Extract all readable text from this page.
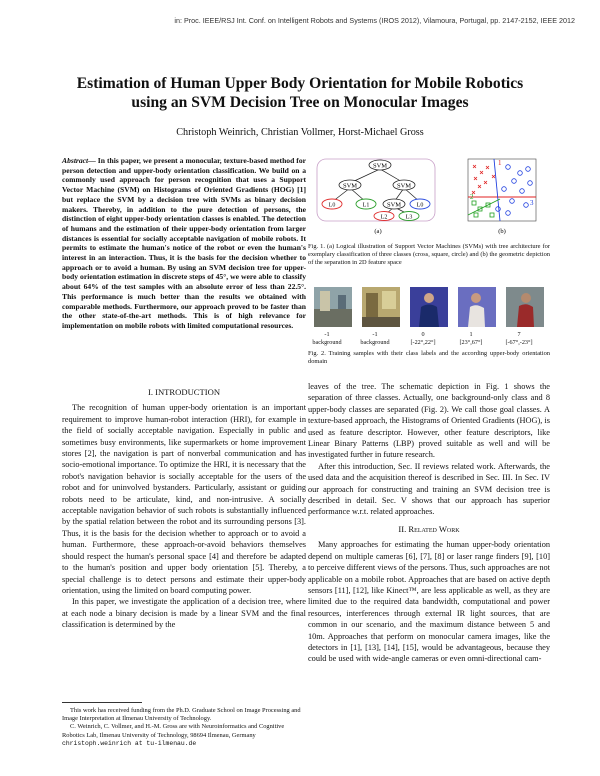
in: Proc. IEEE/RSJ Int. Conf. on Intelligent Robots and Systems (IROS 2012), Vilamoura, Portugal, pp. 2147-2152, IEEE 2012
Estimation of Human Upper Body Orientation for Mobile Robotics
using an SVM Decision Tree on Monocular Images
Christoph Weinrich, Christian Vollmer, Horst-Michael Gross
Abstract— In this paper, we present a monocular, texture-based method for person detection and upper-body orientation classification. We build on a commonly used approach for person recognition that uses a Support Vector Machine (SVM) on Histograms of Oriented Gradients (HOG) [1] but replace the SVM by a decision tree with SVMs as binary decision makers. Thereby, in addition to the pure detection of persons, the distinction of eight upper-body orientation classes is enabled. The detection of humans and the estimation of their upper-body orientation from larger distances is essential for socially acceptable navigation of mobile robots. It permits to estimate the human's notice of the robot or even the human's interest in an interaction. Thus, it is the basis for the decision whether to approach or to avoid a human. By using an SVM decision tree for upper-body orientation estimation in discrete steps of 45°, we were able to classify about 64% of the test samples with an absolute error of less than 22.5°. This performance is much better than the results we obtained with comparable methods. Furthermore, our approach proved to be faster than the other state-of-the-art methods. This is of high relevance for implementation on mobile robots with limited computational resources.
I. INTRODUCTION

The recognition of human upper-body orientation is an important requirement to improve human-robot interaction (HRI), for example in the field of socially acceptable navigation. Especially in public and sometimes busy environments, like supermarkets or home improvement stores [2], the navigation is part of nonverbal communication and has socio-emotional importance. To optimize the HRI, it is necessary that the robot's navigation behavior is socially acceptable for the users of the robot and for uninvolved bystanders. Particularly, assistant or guiding robots need to be articulate, kind, and non-intrusive. A socially acceptable navigation behavior of such robots is substantially influenced by the spatial relation between the robot and its surrounding persons [3]. Thus, it is the basis for the decision whether to approach or to avoid a human. Furthermore, these approach-or-avoid behaviors themselves should respect the human's personal space [4] and therefore be adapted to the human's position and upper body orientation [5]. Thereby, a special challenge is to detect persons and estimate their upper-body orientation, using the limited on board computing power.

In this paper, we investigate the application of a decision tree, where at each node a binary decision is made by a linear SVM and the final classification is determined by the

This work has received funding from the Ph.D. Graduate School on Image Processing and Image Interpretation at Ilmenau University of Technology.

C. Weinrich, C. Vollmer, and H.-M. Gross are with Neuroinformatics and Cognitive Robotics Lab, Ilmenau University of Technology, 98694 Ilmenau, Germany christoph.weinrich at tu-ilmenau.de

SVM
SVM	SVM
SVM
L0	L1	L0
L2	L3
(a)
1
2
3
(b)
Fig. 1. (a) Logical illustration of Support Vector Machines (SVMs) with tree architecture for exemplary classification of three classes (cross, square, circle) and (b) the geometric depiction of the separation in 2D feature space
-1
background
-1
background
0
[-22°,22°]
1
[23°,67°]
7
[-67°,-23°]
Fig. 2. Training samples with their class labels and the according upper-body orientation domain

leaves of the tree. The schematic depiction in Fig. 1 shows the separation of three classes. Actually, one background-only class and 8 upper-body classes are separated (Fig. 2). We call those goal classes. A texture-based approach, the Histograms of Oriented Gradients (HOG), is used as feature descriptor. However, other feature descriptors, like Linear Binary Patterns (LBP) proved suitable as well and will be investigated further in future research.

After this introduction, Sec. II reviews related work. Afterwards, the used data and the acquisition thereof is described in Sec. III. In Sec. IV our approach for constructing and training an SVM decision tree is described in detail. Sec. V shows that our approach has superior performance w.r.t. related approaches.

II. Related Work

Many approaches for estimating the human upper-body orientation depend on multiple cameras [6], [7], [8] or laser range finders [9], [10] to perceive different views of the persons. Thus, such approaches are not applicable on a mobile robot. Approaches that are based on active depth sensors [11], [12], like Kinect™, are less applicable as well, as they are limited due to the required data bandwidth, computational and power resources, interferences through external IR light sources, that are common in our scenario, and the maximum distance between 5 and 10m. Approaches that perform on monocular camera images, like the detectors in [1], [13], [14], [15], would be advantageous, because they could be used with wide-angle cameras or even omni-directional cam-
